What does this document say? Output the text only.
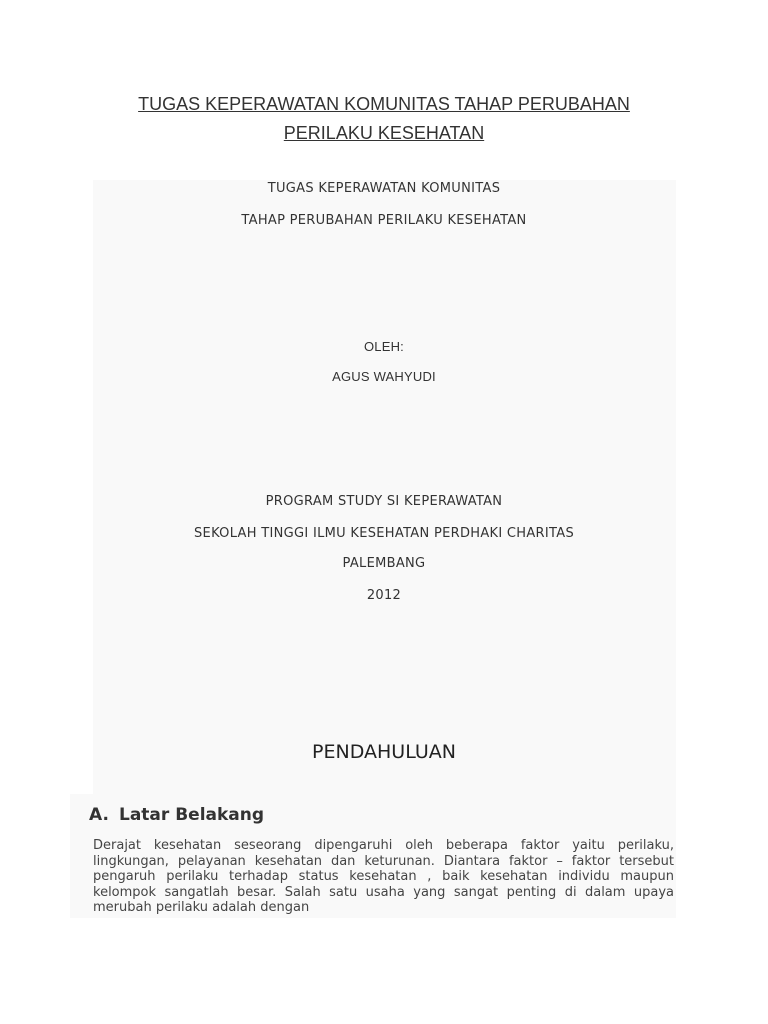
TUGAS KEPERAWATAN KOMUNITAS TAHAP PERUBAHAN
PERILAKU KESEHATAN
TUGAS KEPERAWATAN KOMUNITAS
TAHAP PERUBAHAN PERILAKU KESEHATAN
OLEH:
AGUS WAHYUDI
PROGRAM STUDY SI KEPERAWATAN
SEKOLAH TINGGI ILMU KESEHATAN PERDHAKI CHARITAS
PALEMBANG
2012
PENDAHULUAN
A. Latar Belakang
Derajat kesehatan seseorang dipengaruhi oleh beberapa faktor yaitu perilaku, lingkungan, pelayanan kesehatan dan keturunan. Diantara faktor – faktor tersebut pengaruh perilaku terhadap status kesehatan , baik kesehatan individu maupun kelompok sangatlah besar. Salah satu usaha yang sangat penting di dalam upaya merubah perilaku adalah dengan
